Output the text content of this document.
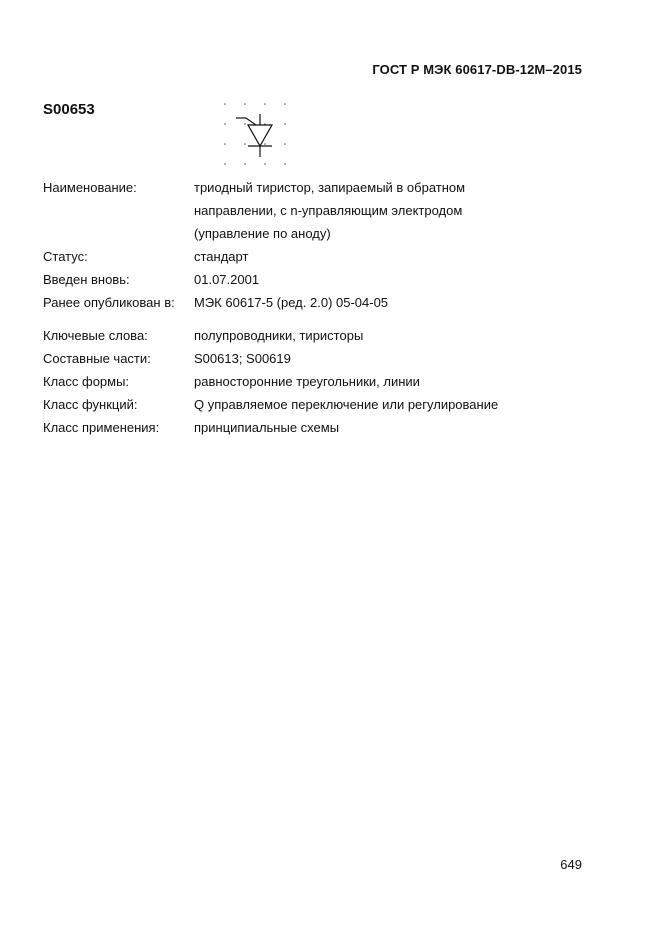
ГОСТ Р МЭК 60617-DB-12M–2015
S00653
Наименование:	триодный тиристор, запираемый в обратном
направлении, с n-управляющим электродом
(управление по аноду)
Статус:	стандарт
Введен вновь:	01.07.2001
Ранее опубликован в: МЭК 60617-5 (ред. 2.0) 05-04-05
Ключевые слова:	полупроводники, тиристоры
Составные части:	S00613; S00619
Класс формы:	равносторонние треугольники, линии
Класс функций:	Q управляемое переключение или регулирование
Класс применения:	принципиальные схемы
649
